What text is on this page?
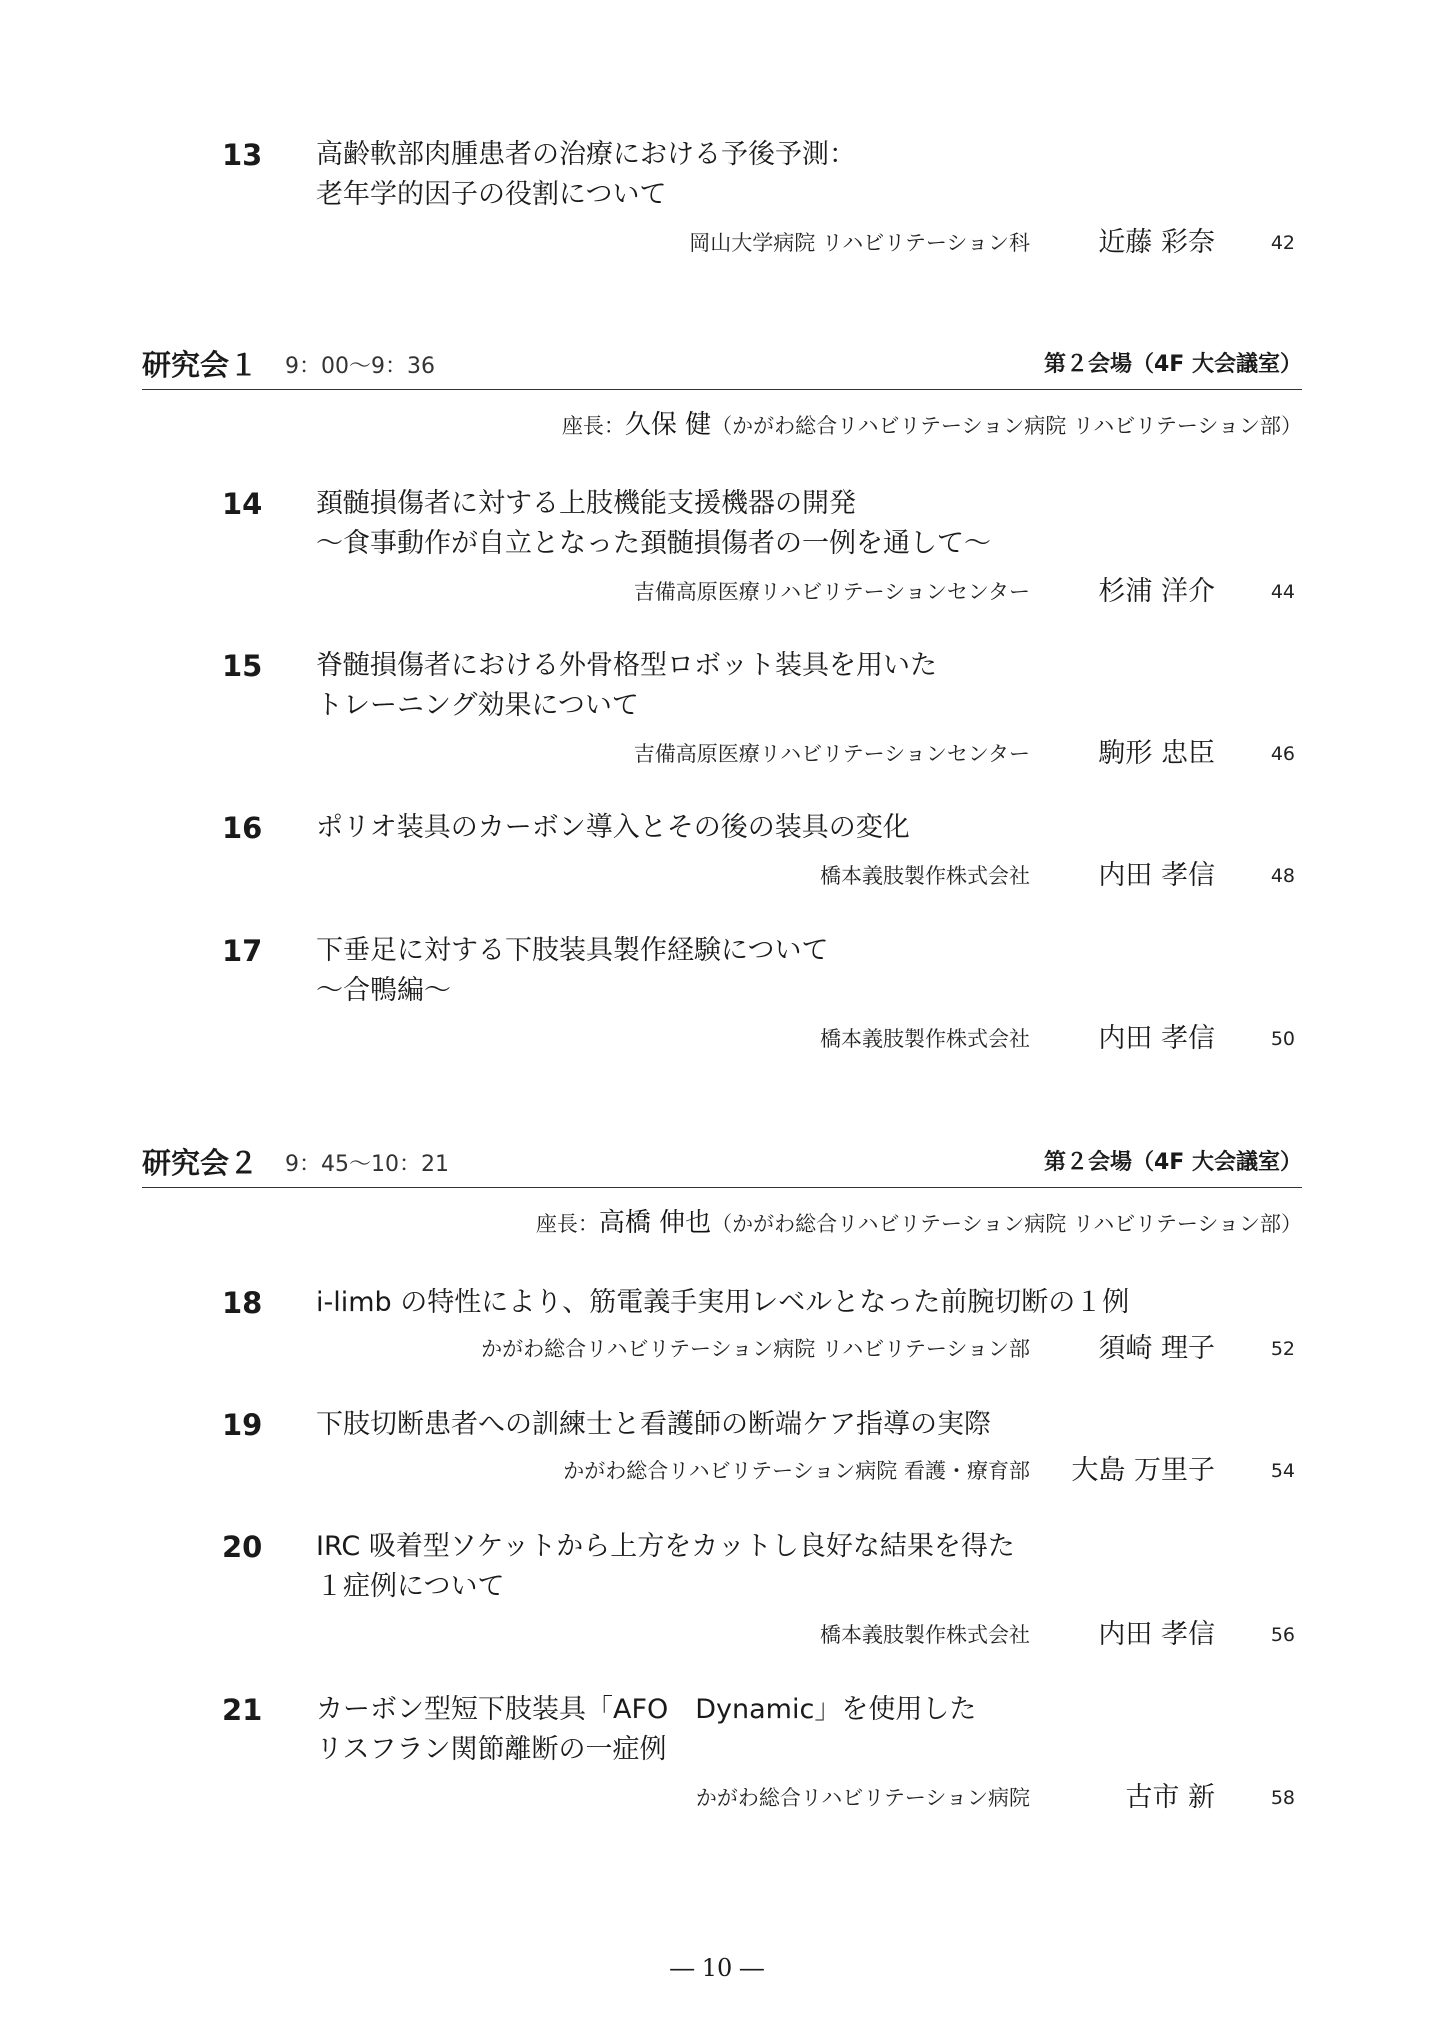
13 高齢軟部肉腫患者の治療における予後予測：
老年学的因子の役割について
岡山大学病院 リハビリテーション科	近藤 彩奈	42
研究会１ 9：00～9：36	第２会場（4F 大会議室）
座長：久保 健（かがわ総合リハビリテーション病院 リハビリテーション部）
14 頚髄損傷者に対する上肢機能支援機器の開発
～食事動作が自立となった頚髄損傷者の一例を通して～
吉備高原医療リハビリテーションセンター	杉浦 洋介	44
15 脊髄損傷者における外骨格型ロボット装具を用いた
トレーニング効果について
吉備高原医療リハビリテーションセンター	駒形 忠臣	46
16 ポリオ装具のカーボン導入とその後の装具の変化
橋本義肢製作株式会社	内田 孝信	48
17 下垂足に対する下肢装具製作経験について
～合鴨編～
橋本義肢製作株式会社	内田 孝信	50
研究会２ 9：45～10：21	第２会場（4F 大会議室）
座長：高橋 伸也（かがわ総合リハビリテーション病院 リハビリテーション部）
18 i-limb の特性により、筋電義手実用レベルとなった前腕切断の１例
かがわ総合リハビリテーション病院 リハビリテーション部	須崎 理子	52
19 下肢切断患者への訓練士と看護師の断端ケア指導の実際
かがわ総合リハビリテーション病院 看護・療育部	大島 万里子	54
20 IRC 吸着型ソケットから上方をカットし良好な結果を得た
１症例について
橋本義肢製作株式会社	内田 孝信	56
21 カーボン型短下肢装具「AFO　Dynamic」を使用した
リスフラン関節離断の一症例
かがわ総合リハビリテーション病院	古市 新	58
― 10 ―
